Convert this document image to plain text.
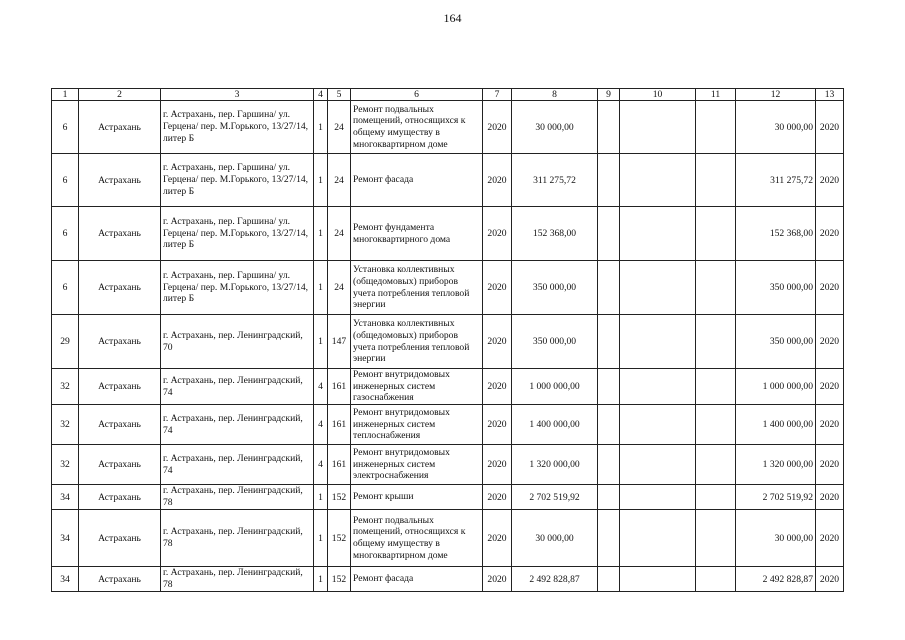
164
1	2	3	4	5	6	7	8	9	10	11	12	13
6	Астрахань	г. Астрахань, пер. Гаршина/ ул. Герцена/ пер. М.Горького, 13/27/14, литер Б	1	24	Ремонт подвальных помещений, относящихся к общему имуществу в многоквартирном доме	2020	30 000,00				30 000,00	2020
6	Астрахань	г. Астрахань, пер. Гаршина/ ул. Герцена/ пер. М.Горького, 13/27/14, литер Б	1	24	Ремонт фасада	2020	311 275,72				311 275,72	2020
6	Астрахань	г. Астрахань, пер. Гаршина/ ул. Герцена/ пер. М.Горького, 13/27/14, литер Б	1	24	Ремонт фундамента многоквартирного дома	2020	152 368,00				152 368,00	2020
6	Астрахань	г. Астрахань, пер. Гаршина/ ул. Герцена/ пер. М.Горького, 13/27/14, литер Б	1	24	Установка коллективных (общедомовых) приборов учета потребления тепловой энергии	2020	350 000,00				350 000,00	2020
29	Астрахань	г. Астрахань, пер. Ленинградский, 70	1	147	Установка коллективных (общедомовых) приборов учета потребления тепловой энергии	2020	350 000,00				350 000,00	2020
32	Астрахань	г. Астрахань, пер. Ленинградский, 74	4	161	Ремонт внутридомовых инженерных систем газоснабжения	2020	1 000 000,00				1 000 000,00	2020
32	Астрахань	г. Астрахань, пер. Ленинградский, 74	4	161	Ремонт внутридомовых инженерных систем теплоснабжения	2020	1 400 000,00				1 400 000,00	2020
32	Астрахань	г. Астрахань, пер. Ленинградский, 74	4	161	Ремонт внутридомовых инженерных систем электроснабжения	2020	1 320 000,00				1 320 000,00	2020
34	Астрахань	г. Астрахань, пер. Ленинградский, 78	1	152	Ремонт крыши	2020	2 702 519,92				2 702 519,92	2020
34	Астрахань	г. Астрахань, пер. Ленинградский, 78	1	152	Ремонт подвальных помещений, относящихся к общему имуществу в многоквартирном доме	2020	30 000,00				30 000,00	2020
34	Астрахань	г. Астрахань, пер. Ленинградский, 78	1	152	Ремонт фасада	2020	2 492 828,87				2 492 828,87	2020
